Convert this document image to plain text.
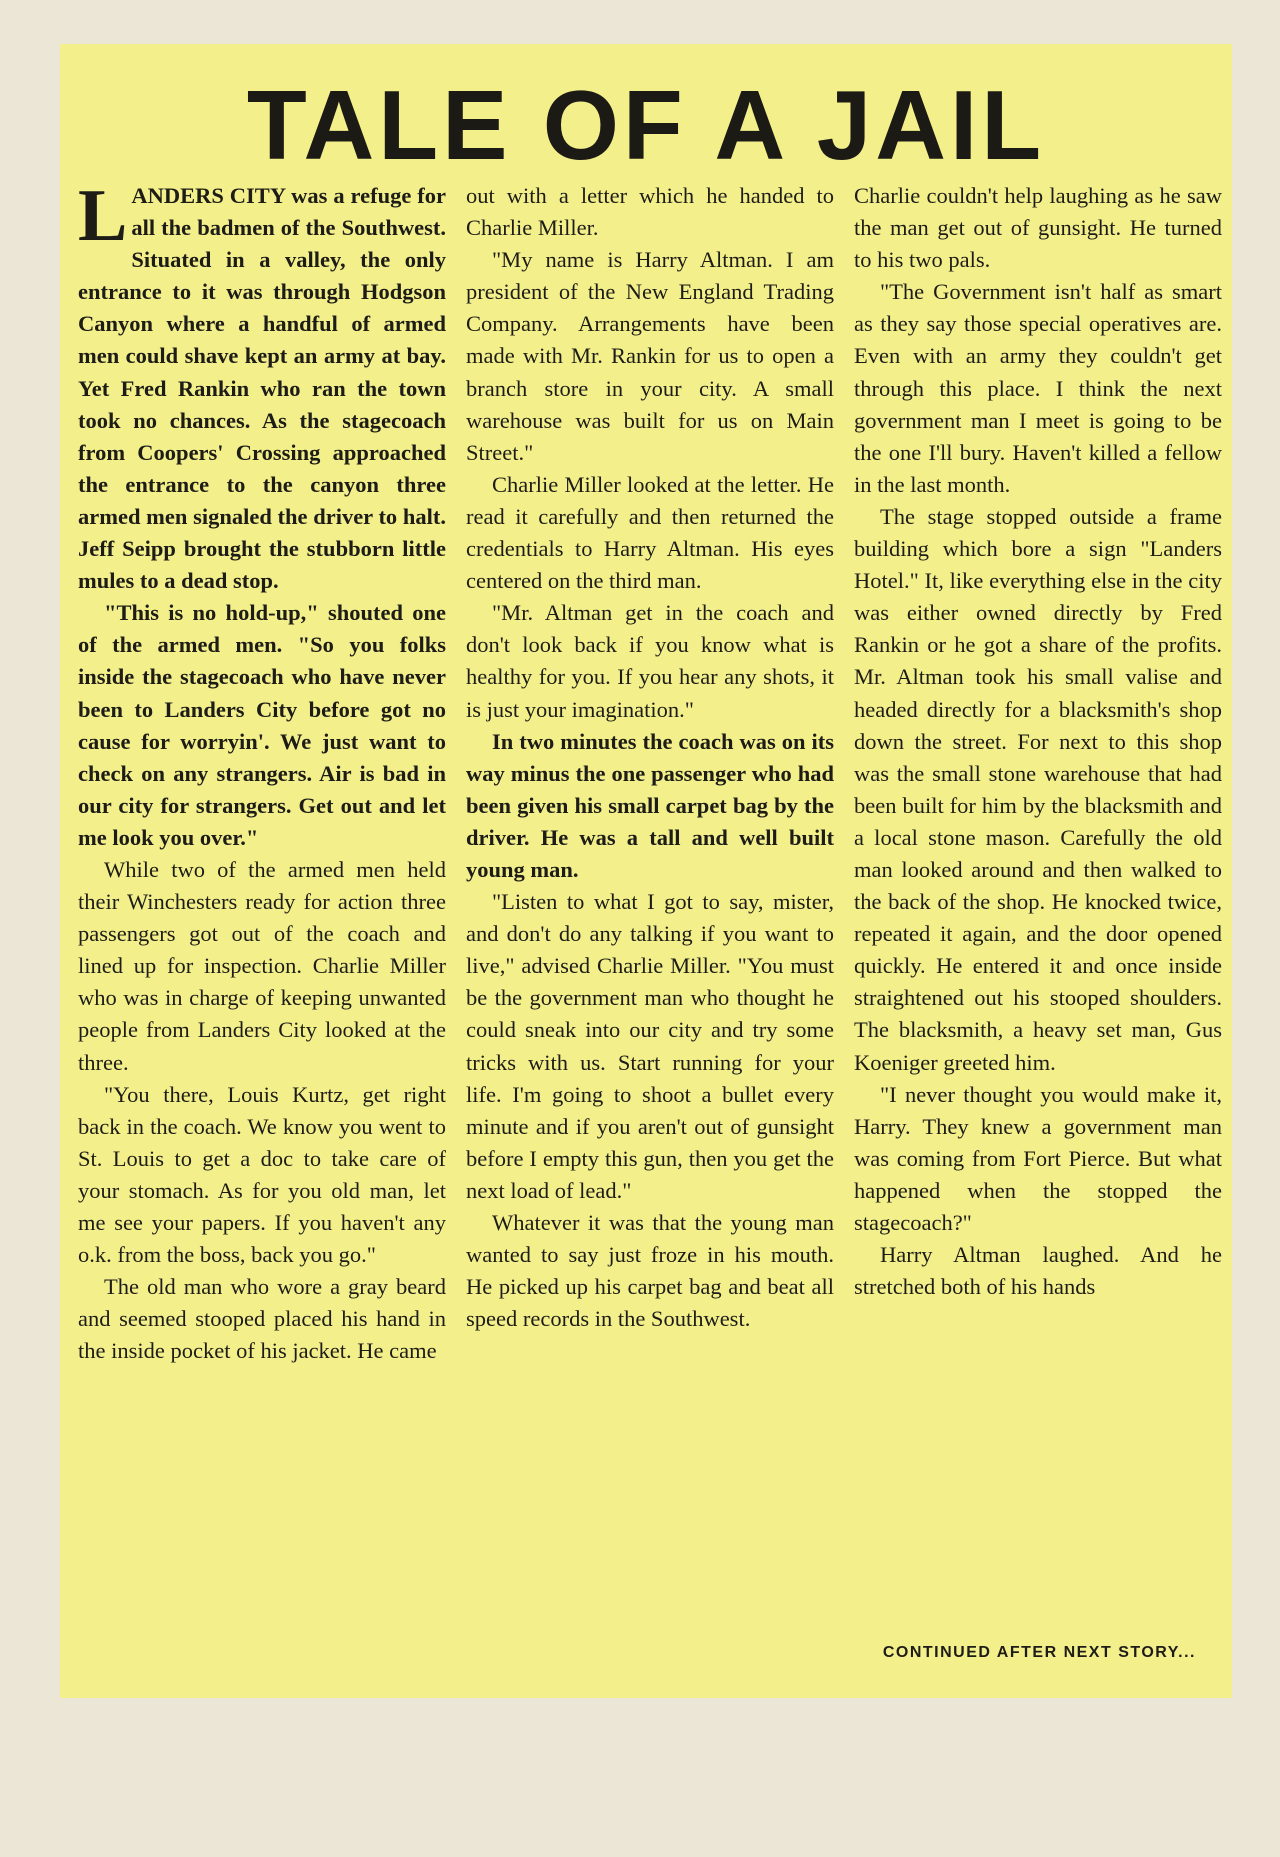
TALE OF A JAIL

LANDERS CITY was a refuge for all the badmen of the Southwest. Situated in a valley, the only entrance to it was through Hodgson Canyon where a handful of armed men could shave kept an army at bay. Yet Fred Rankin who ran the town took no chances. As the stagecoach from Coopers' Crossing approached the entrance to the canyon three armed men signaled the driver to halt. Jeff Seipp brought the stubborn little mules to a dead stop.

"This is no hold-up," shouted one of the armed men. "So you folks inside the stagecoach who have never been to Landers City before got no cause for worryin'. We just want to check on any strangers. Air is bad in our city for strangers. Get out and let me look you over."

While two of the armed men held their Winchesters ready for action three passengers got out of the coach and lined up for inspection. Charlie Miller who was in charge of keeping unwanted people from Landers City looked at the three.

"You there, Louis Kurtz, get right back in the coach. We know you went to St. Louis to get a doc to take care of your stomach. As for you old man, let me see your papers. If you haven't any o.k. from the boss, back you go."

The old man who wore a gray beard and seemed stooped placed his hand in the inside pocket of his jacket. He came

out with a letter which he handed to Charlie Miller.

"My name is Harry Altman. I am president of the New England Trading Company. Arrangements have been made with Mr. Rankin for us to open a branch store in your city. A small warehouse was built for us on Main Street."

Charlie Miller looked at the letter. He read it carefully and then returned the credentials to Harry Altman. His eyes centered on the third man.

"Mr. Altman get in the coach and don't look back if you know what is healthy for you. If you hear any shots, it is just your imagination."

In two minutes the coach was on its way minus the one passenger who had been given his small carpet bag by the driver. He was a tall and well built young man.

"Listen to what I got to say, mister, and don't do any talking if you want to live," advised Charlie Miller. "You must be the government man who thought he could sneak into our city and try some tricks with us. Start running for your life. I'm going to shoot a bullet every minute and if you aren't out of gunsight before I empty this gun, then you get the next load of lead."

Whatever it was that the young man wanted to say just froze in his mouth. He picked up his carpet bag and beat all speed records in the Southwest.

Charlie couldn't help laughing as he saw the man get out of gunsight. He turned to his two pals.

"The Government isn't half as smart as they say those special operatives are. Even with an army they couldn't get through this place. I think the next government man I meet is going to be the one I'll bury. Haven't killed a fellow in the last month.

The stage stopped outside a frame building which bore a sign "Landers Hotel." It, like everything else in the city was either owned directly by Fred Rankin or he got a share of the profits. Mr. Altman took his small valise and headed directly for a blacksmith's shop down the street. For next to this shop was the small stone warehouse that had been built for him by the blacksmith and a local stone mason. Carefully the old man looked around and then walked to the back of the shop. He knocked twice, repeated it again, and the door opened quickly. He entered it and once inside straightened out his stooped shoulders. The blacksmith, a heavy set man, Gus Koeniger greeted him.

"I never thought you would make it, Harry. They knew a government man was coming from Fort Pierce. But what happened when the stopped the stagecoach?"

Harry Altman laughed. And he stretched both of his hands

CONTINUED AFTER NEXT STORY...
